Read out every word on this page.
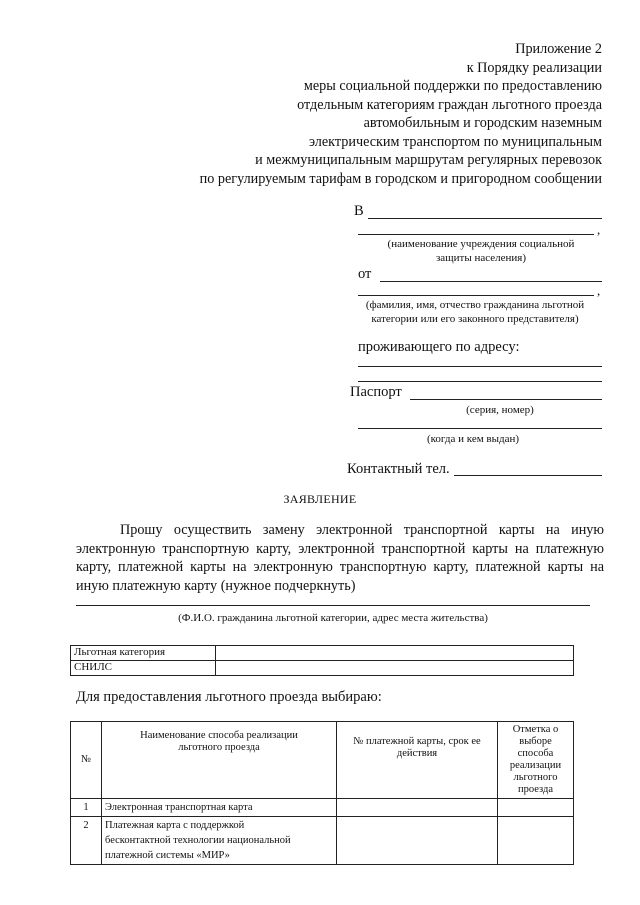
Приложение 2
к Порядку реализации
меры социальной поддержки по предоставлению
отдельным категориям граждан льготного проезда
автомобильным и городским наземным
электрическим транспортом по муниципальным
и межмуниципальным маршрутам регулярных перевозок
по регулируемым тарифам в городском и пригородном сообщении
В
,
(наименование учреждения социальной
защиты населения)
от
,
(фамилия, имя, отчество гражданина льготной
категории или его законного представителя)
проживающего по адресу:
Паспорт
(серия, номер)
(когда и кем выдан)
Контактный тел.
ЗАЯВЛЕНИЕ
Прошу осуществить замену электронной транспортной карты на иную электронную транспортную карту, электронной транспортной карты на платежную карту, платежной карты на электронную транспортную карту, платежной карты на иную платежную карту (нужное подчеркнуть)
(Ф.И.О. гражданина льготной категории, адрес места жительства)
Льготная категория	
СНИЛС	
Для предоставления льготного проезда выбираю:
№	Наименование способа реализации льготного проезда	№ платежной карты, срок ее действия	Отметка о выборе способа реализации льготного проезда
1	Электронная транспортная карта		
2	Платежная карта с поддержкой бесконтактной технологии национальной платежной системы «МИР»		
